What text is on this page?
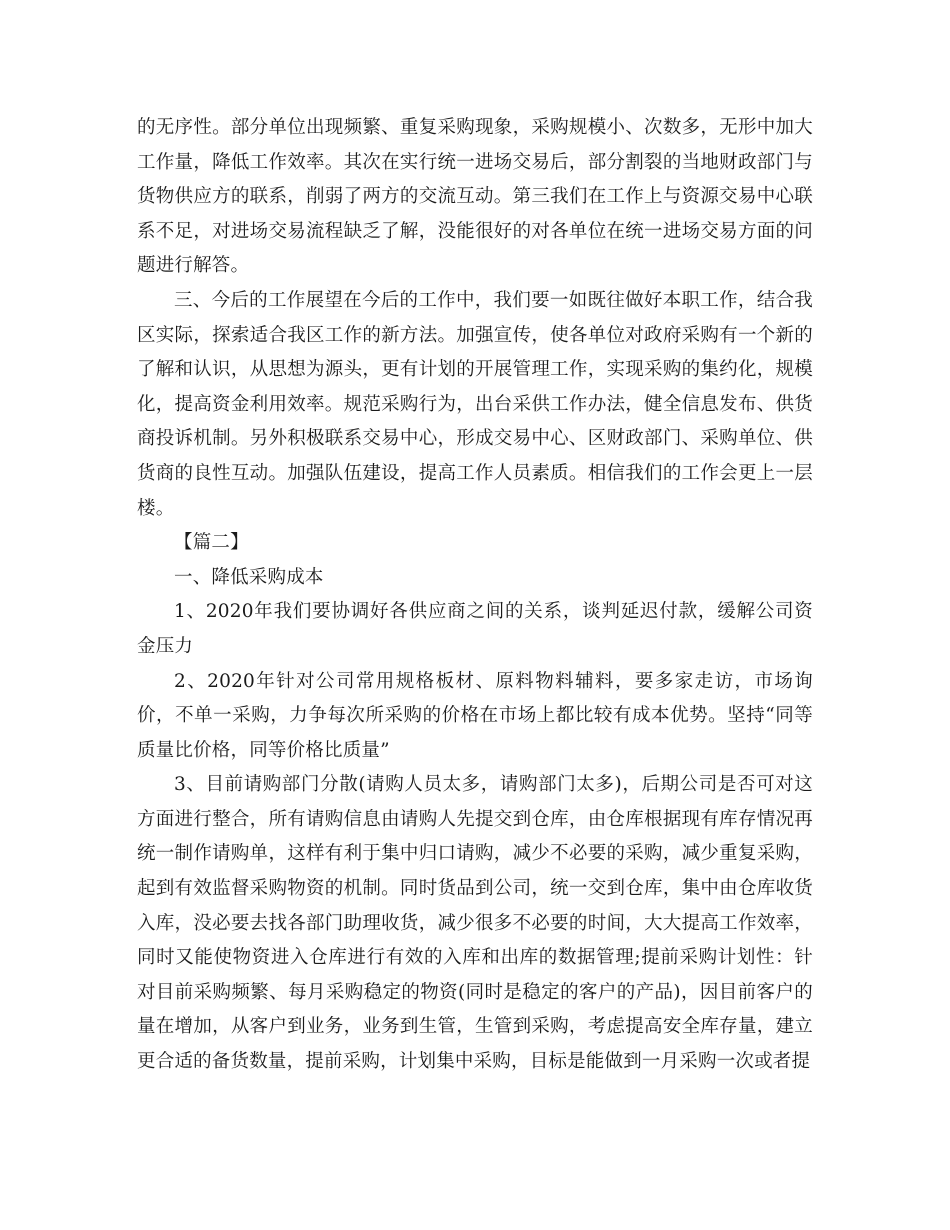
的无序性。部分单位出现频繁、重复采购现象，采购规模小、次数多，无形中加大工作量，降低工作效率。其次在实行统一进场交易后，部分割裂的当地财政部门与货物供应方的联系，削弱了两方的交流互动。第三我们在工作上与资源交易中心联系不足，对进场交易流程缺乏了解，没能很好的对各单位在统一进场交易方面的问题进行解答。

三、今后的工作展望在今后的工作中，我们要一如既往做好本职工作，结合我区实际，探索适合我区工作的新方法。加强宣传，使各单位对政府采购有一个新的了解和认识，从思想为源头，更有计划的开展管理工作，实现采购的集约化，规模化，提高资金利用效率。规范采购行为，出台采供工作办法，健全信息发布、供货商投诉机制。另外积极联系交易中心，形成交易中心、区财政部门、采购单位、供货商的良性互动。加强队伍建设，提高工作人员素质。相信我们的工作会更上一层楼。

【篇二】

一、降低采购成本

1、2020年我们要协调好各供应商之间的关系，谈判延迟付款，缓解公司资金压力

2、2020年针对公司常用规格板材、原料物料辅料，要多家走访，市场询价，不单一采购，力争每次所采购的价格在市场上都比较有成本优势。坚持“同等质量比价格，同等价格比质量”

3、目前请购部门分散(请购人员太多，请购部门太多)，后期公司是否可对这方面进行整合，所有请购信息由请购人先提交到仓库，由仓库根据现有库存情况再统一制作请购单，这样有利于集中归口请购，减少不必要的采购，减少重复采购，起到有效监督采购物资的机制。同时货品到公司，统一交到仓库，集中由仓库收货入库，没必要去找各部门助理收货，减少很多不必要的时间，大大提高工作效率，同时又能使物资进入仓库进行有效的入库和出库的数据管理;提前采购计划性：针对目前采购频繁、每月采购稳定的物资(同时是稳定的客户的产品)，因目前客户的量在增加，从客户到业务，业务到生管，生管到采购，考虑提高安全库存量，建立更合适的备货数量，提前采购，计划集中采购，目标是能做到一月采购一次或者提
